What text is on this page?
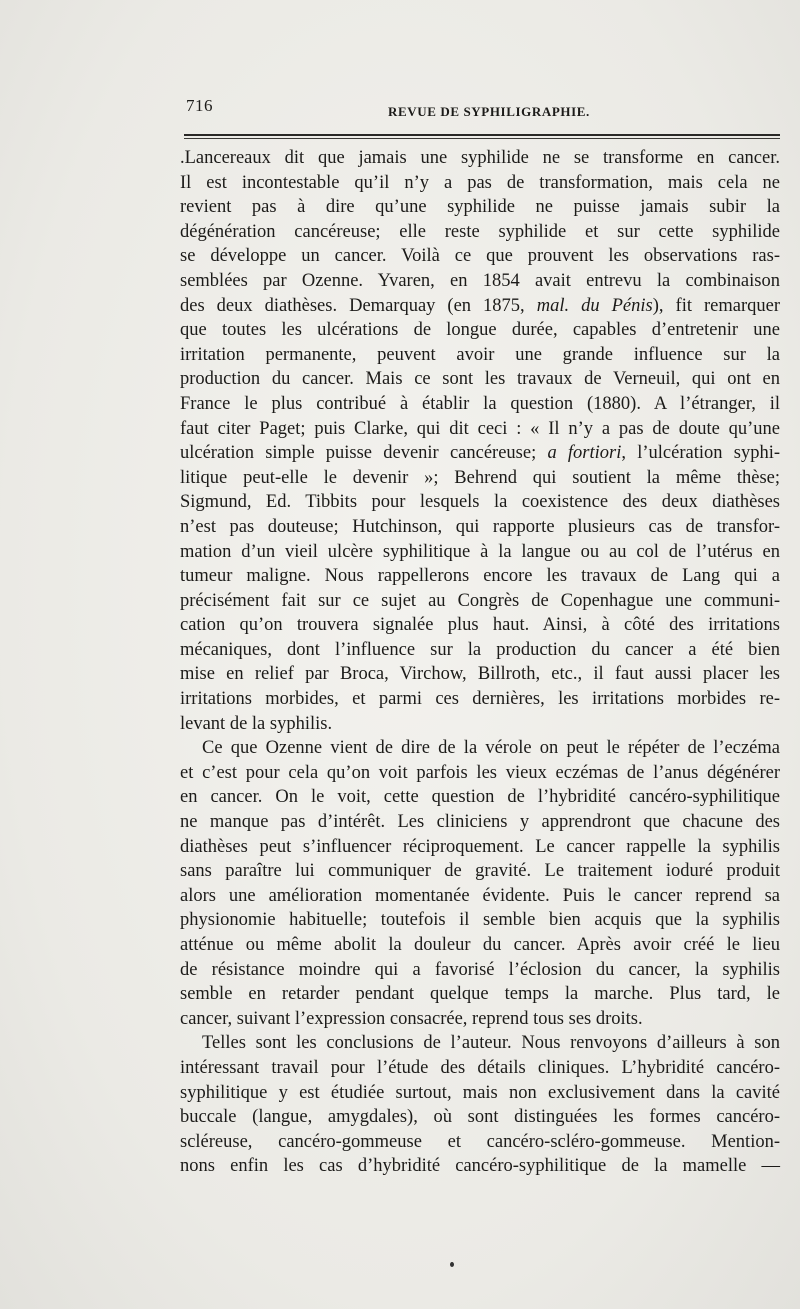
716	REVUE DE SYPHILIGRAPHIE.
.Lancereaux dit que jamais une syphilide ne se transforme en cancer.
Il est incontestable qu’il n’y a pas de transformation, mais cela ne
revient pas à dire qu’une syphilide ne puisse jamais subir la
dégénération cancéreuse; elle reste syphilide et sur cette syphilide
se développe un cancer. Voilà ce que prouvent les observations ras-
semblées par Ozenne. Yvaren, en 1854 avait entrevu la combinaison
des deux diathèses. Demarquay (en 1875, mal. du Pénis), fit remarquer
que toutes les ulcérations de longue durée, capables d’entretenir une
irritation permanente, peuvent avoir une grande influence sur la
production du cancer. Mais ce sont les travaux de Verneuil, qui ont en
France le plus contribué à établir la question (1880). A l’étranger, il
faut citer Paget; puis Clarke, qui dit ceci : « Il n’y a pas de doute qu’une
ulcération simple puisse devenir cancéreuse; a fortiori, l’ulcération syphi-
litique peut-elle le devenir »; Behrend qui soutient la même thèse;
Sigmund, Ed. Tibbits pour lesquels la coexistence des deux diathèses
n’est pas douteuse; Hutchinson, qui rapporte plusieurs cas de transfor-
mation d’un vieil ulcère syphilitique à la langue ou au col de l’utérus en
tumeur maligne. Nous rappellerons encore les travaux de Lang qui a
précisément fait sur ce sujet au Congrès de Copenhague une communi-
cation qu’on trouvera signalée plus haut. Ainsi, à côté des irritations
mécaniques, dont l’influence sur la production du cancer a été bien
mise en relief par Broca, Virchow, Billroth, etc., il faut aussi placer les
irritations morbides, et parmi ces dernières, les irritations morbides re-
levant de la syphilis.
Ce que Ozenne vient de dire de la vérole on peut le répéter de l’eczéma
et c’est pour cela qu’on voit parfois les vieux eczémas de l’anus dégénérer
en cancer. On le voit, cette question de l’hybridité cancéro-syphilitique
ne manque pas d’intérêt. Les cliniciens y apprendront que chacune des
diathèses peut s’influencer réciproquement. Le cancer rappelle la syphilis
sans paraître lui communiquer de gravité. Le traitement ioduré produit
alors une amélioration momentanée évidente. Puis le cancer reprend sa
physionomie habituelle; toutefois il semble bien acquis que la syphilis
atténue ou même abolit la douleur du cancer. Après avoir créé le lieu
de résistance moindre qui a favorisé l’éclosion du cancer, la syphilis
semble en retarder pendant quelque temps la marche. Plus tard, le
cancer, suivant l’expression consacrée, reprend tous ses droits.
Telles sont les conclusions de l’auteur. Nous renvoyons d’ailleurs à son
intéressant travail pour l’étude des détails cliniques. L’hybridité cancéro-
syphilitique y est étudiée surtout, mais non exclusivement dans la cavité
buccale (langue, amygdales), où sont distinguées les formes cancéro-
scléreuse, cancéro-gommeuse et cancéro-scléro-gommeuse. Mention-
nons enfin les cas d’hybridité cancéro-syphilitique de la mamelle —
